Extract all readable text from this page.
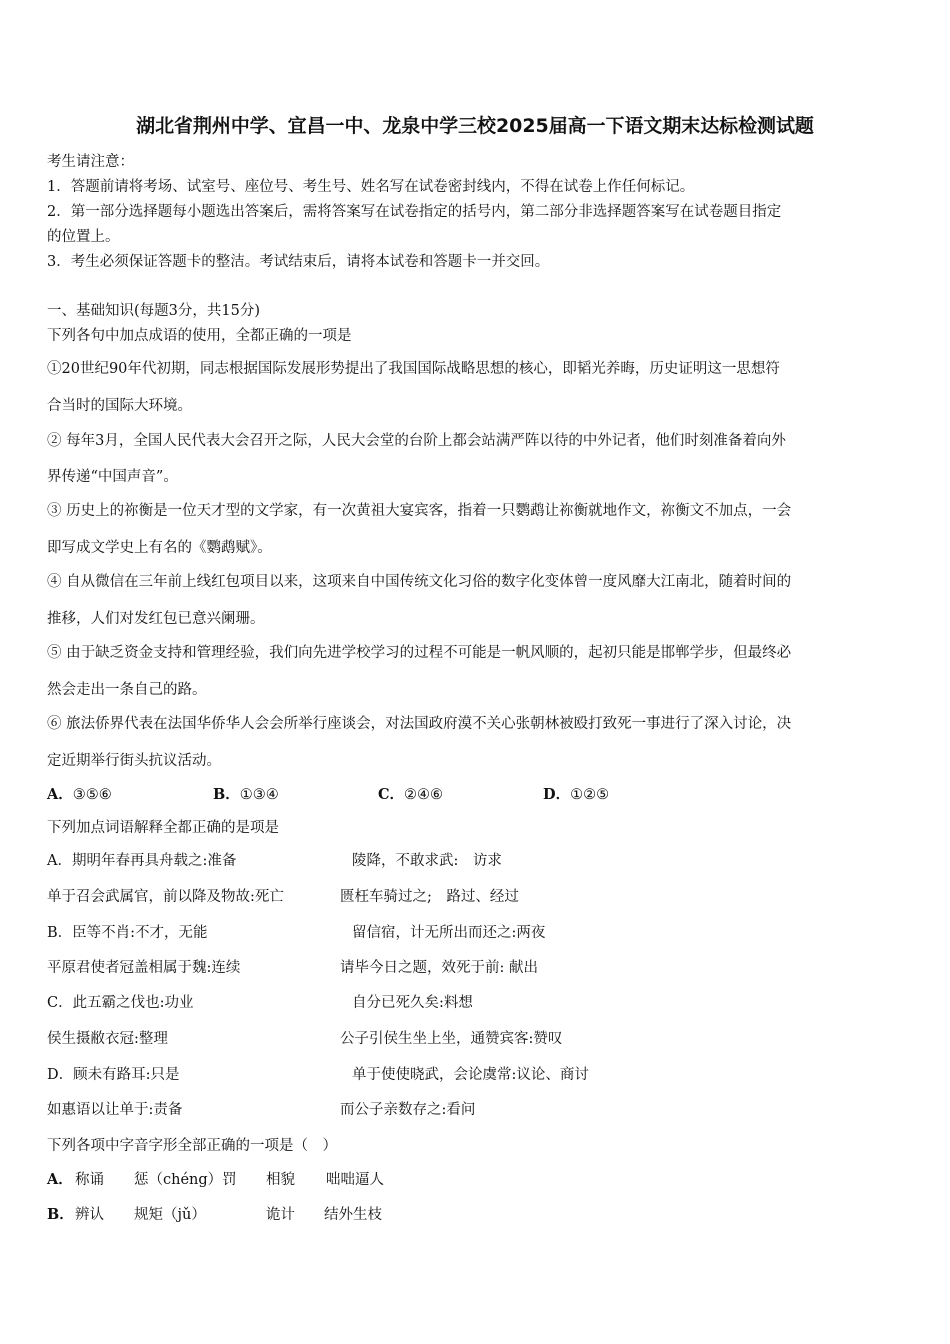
湖北省荆州中学、宜昌一中、龙泉中学三校2025届高一下语文期末达标检测试题
考生请注意：
1．答题前请将考场、试室号、座位号、考生号、姓名写在试卷密封线内，不得在试卷上作任何标记。
2．第一部分选择题每小题选出答案后，需将答案写在试卷指定的括号内，第二部分非选择题答案写在试卷题目指定
的位置上。
3．考生必须保证答题卡的整洁。考试结束后，请将本试卷和答题卡一并交回。
一、基础知识(每题3分，共15分)
下列各句中加点成语的使用，全都正确的一项是
①20世纪90年代初期，同志根据国际发展形势提出了我国国际战略思想的核心，即韬光养晦，历史证明这一思想符
合当时的国际大环境。
② 每年3月，全国人民代表大会召开之际，人民大会堂的台阶上都会站满严阵以待的中外记者，他们时刻准备着向外
界传递“中国声音”。
③ 历史上的祢衡是一位天才型的文学家，有一次黄祖大宴宾客，指着一只鹦鹉让祢衡就地作文，祢衡文不加点，一会
即写成文学史上有名的《鹦鹉赋》。
④ 自从微信在三年前上线红包项目以来，这项来自中国传统文化习俗的数字化变体曾一度风靡大江南北，随着时间的
推移，人们对发红包已意兴阑珊。
⑤ 由于缺乏资金支持和管理经验，我们向先进学校学习的过程不可能是一帆风顺的，起初只能是邯郸学步，但最终必
然会走出一条自己的路。
⑥ 旅法侨界代表在法国华侨华人会会所举行座谈会，对法国政府漠不关心张朝林被殴打致死一事进行了深入讨论，决
定近期举行街头抗议活动。
A．③⑤⑥	B．①③④	C．②④⑥	D．①②⑤
下列加点词语解释全都正确的是项是
A．期明年春再具舟载之:准备	陵降，不敢求武:　访求
单于召会武属官，前以降及物故:死亡	匮枉车骑过之;　路过、经过
B．臣等不肖:不才，无能	留信宿，计无所出而还之:两夜
平原君使者冠盖相属于魏:连续	请毕今日之题，效死于前: 献出
C．此五霸之伐也:功业	自分已死久矣:料想
侯生摄敝衣冠:整理	公子引侯生坐上坐，通赞宾客:赞叹
D．顾未有路耳:只是	单于使使晓武，会论虞常:议论、商讨
如惠语以让单于:责备	而公子亲数存之:看问
下列各项中字音字形全部正确的一项是（　）
A． 称诵 惩（chéng）罚 相貌 咄咄逼人
B． 辨认 规矩（jǔ）	诡计 结外生枝
